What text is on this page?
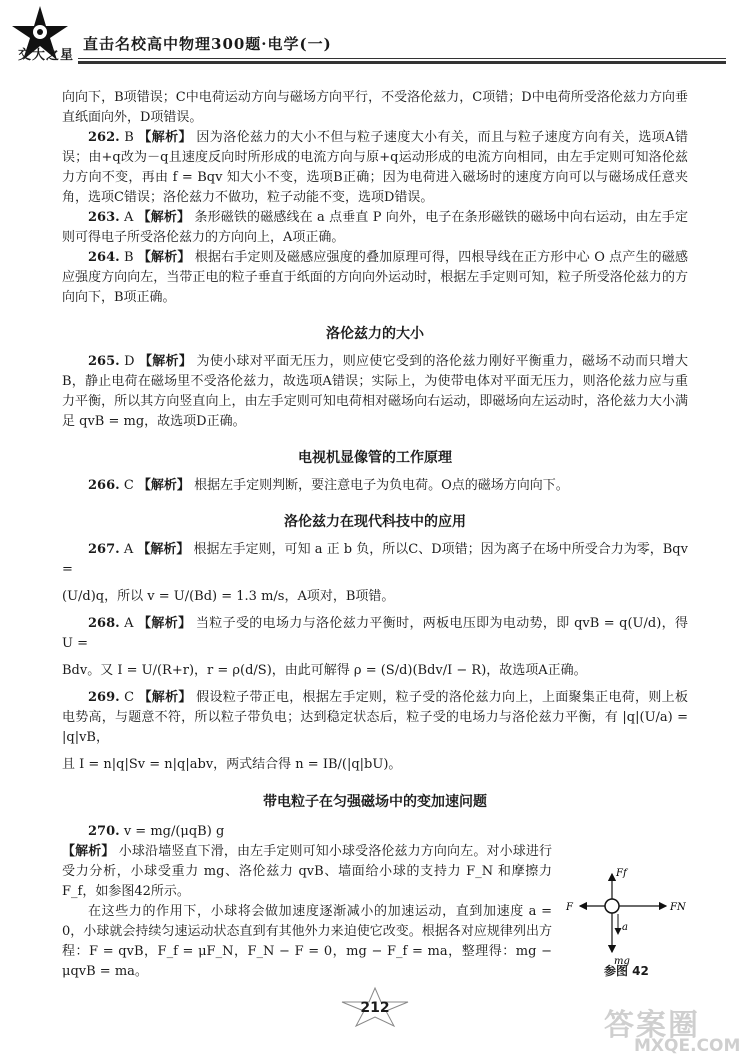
交大之星
直击名校高中物理300题·电学(一)

向向下，B项错误；C中电荷运动方向与磁场方向平行，不受洛伦兹力，C项错；D中电荷所受洛伦兹力方向垂直纸面向外，D项错误。

262. B 【解析】 因为洛伦兹力的大小不但与粒子速度大小有关，而且与粒子速度方向有关，选项A错误；由+q改为－q且速度反向时所形成的电流方向与原+q运动形成的电流方向相同，由左手定则可知洛伦兹力方向不变，再由 f = Bqv 知大小不变，选项B正确；因为电荷进入磁场时的速度方向可以与磁场成任意夹角，选项C错误；洛伦兹力不做功，粒子动能不变，选项D错误。

263. A 【解析】 条形磁铁的磁感线在 a 点垂直 P 向外，电子在条形磁铁的磁场中向右运动，由左手定则可得电子所受洛伦兹力的方向向上，A项正确。

264. B 【解析】 根据右手定则及磁感应强度的叠加原理可得，四根导线在正方形中心 O 点产生的磁感应强度方向向左，当带正电的粒子垂直于纸面的方向向外运动时，根据左手定则可知，粒子所受洛伦兹力的方向向下，B项正确。

洛伦兹力的大小

265. D 【解析】 为使小球对平面无压力，则应使它受到的洛伦兹力刚好平衡重力，磁场不动而只增大 B，静止电荷在磁场里不受洛伦兹力，故选项A错误；实际上，为使带电体对平面无压力，则洛伦兹力应与重力平衡，所以其方向竖直向上，由左手定则可知电荷相对磁场向右运动，即磁场向左运动时，洛伦兹力大小满足 qvB = mg，故选项D正确。

电视机显像管的工作原理

266. C 【解析】 根据左手定则判断，要注意电子为负电荷。O点的磁场方向向下。

洛伦兹力在现代科技中的应用

267. A 【解析】 根据左手定则，可知 a 正 b 负，所以C、D项错；因为离子在场中所受合力为零，Bqv =

(U/d)q，所以 v = U/(Bd) = 1.3 m/s，A项对，B项错。

268. A 【解析】 当粒子受的电场力与洛伦兹力平衡时，两板电压即为电动势，即 qvB = q(U/d)，得 U =

Bdv。又 I = U/(R+r)，r = ρ(d/S)，由此可解得 ρ = (S/d)(Bdv/I − R)，故选项A正确。

269. C 【解析】 假设粒子带正电，根据左手定则，粒子受的洛伦兹力向上，上面聚集正电荷，则上板电势高，与题意不符，所以粒子带负电；达到稳定状态后，粒子受的电场力与洛伦兹力平衡，有 |q|(U/a) = |q|vB，

且 I = n|q|Sv = n|q|abv，两式结合得 n = IB/(|q|bU)。

带电粒子在匀强磁场中的变加速问题

270. v = mg/(μqB) g

【解析】 小球沿墙竖直下滑，由左手定则可知小球受洛伦兹力方向向左。对小球进行受力分析，小球受重力 mg、洛伦兹力 qvB、墙面给小球的支持力 F_N 和摩擦力 F_f，如参图42所示。

在这些力的作用下，小球将会做加速度逐渐减小的加速运动，直到加速度 a = 0，小球就会持续匀速运动状态直到有其他外力来迫使它改变。根据各对应规律列出方程：F = qvB，F_f = μF_N，F_N − F = 0，mg − F_f = ma，整理得：mg − μqvB = ma。

Ff
F	FN
a
mg
参图 42
212	答案圈
MXQE.COM
